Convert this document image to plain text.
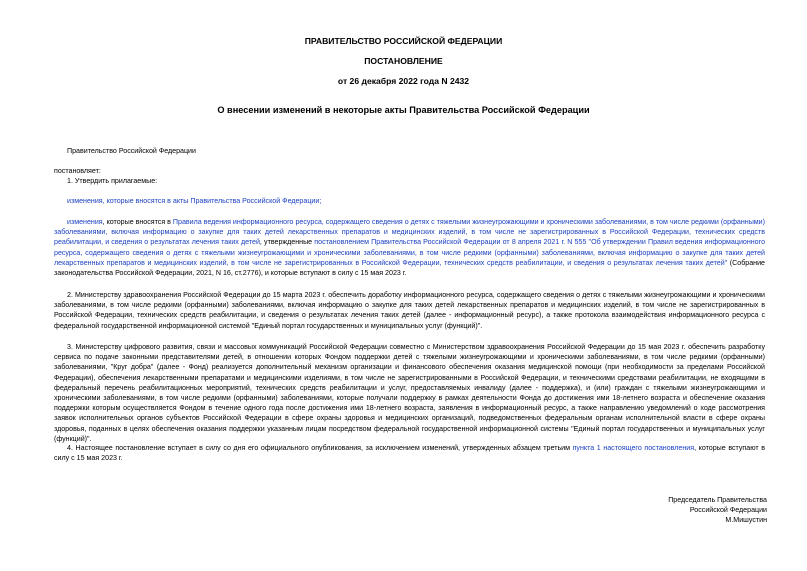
ПРАВИТЕЛЬСТВО РОССИЙСКОЙ ФЕДЕРАЦИИ
ПОСТАНОВЛЕНИЕ
от 26 декабря 2022 года N 2432
О внесении изменений в некоторые акты Правительства Российской Федерации
Правительство Российской Федерации
постановляет:
1. Утвердить прилагаемые:
изменения, которые вносятся в акты Правительства Российской Федерации;
изменения, которые вносятся в Правила ведения информационного ресурса, содержащего сведения о детях с тяжелыми жизнеугрожающими и хроническими заболеваниями, в том числе редкими (орфанными) заболеваниями, включая информацию о закупке для таких детей лекарственных препаратов и медицинских изделий, в том числе не зарегистрированных в Российской Федерации, технических средств реабилитации, и сведения о результатах лечения таких детей, утвержденные постановлением Правительства Российской Федерации от 8 апреля 2021 г. N 555 "Об утверждении Правил ведения информационного ресурса, содержащего сведения о детях с тяжелыми жизнеугрожающими и хроническими заболеваниями, в том числе редкими (орфанными) заболеваниями, включая информацию о закупке для таких детей лекарственных препаратов и медицинских изделий, в том числе не зарегистрированных в Российской Федерации, технических средств реабилитации, и сведения о результатах лечения таких детей" (Собрание законодательства Российской Федерации, 2021, N 16, ст.2776), и которые вступают в силу с 15 мая 2023 г.
2. Министерству здравоохранения Российской Федерации до 15 марта 2023 г. обеспечить доработку информационного ресурса, содержащего сведения о детях с тяжелыми жизнеугрожающими и хроническими заболеваниями, в том числе редкими (орфанными) заболеваниями, включая информацию о закупке для таких детей лекарственных препаратов и медицинских изделий, в том числе не зарегистрированных в Российской Федерации, технических средств реабилитации, и сведения о результатах лечения таких детей (далее - информационный ресурс), а также протокола взаимодействия информационного ресурса с федеральной государственной информационной системой "Единый портал государственных и муниципальных услуг (функций)".
3. Министерству цифрового развития, связи и массовых коммуникаций Российской Федерации совместно с Министерством здравоохранения Российской Федерации до 15 мая 2023 г. обеспечить разработку сервиса по подаче законными представителями детей, в отношении которых Фондом поддержки детей с тяжелыми жизнеугрожающими и хроническими заболеваниями, в том числе редкими (орфанными) заболеваниями, "Круг добра" (далее - Фонд) реализуется дополнительный механизм организации и финансового обеспечения оказания медицинской помощи (при необходимости за пределами Российской Федерации), обеспечения лекарственными препаратами и медицинскими изделиями, в том числе не зарегистрированными в Российской Федерации, и техническими средствами реабилитации, не входящими в федеральный перечень реабилитационных мероприятий, технических средств реабилитации и услуг, предоставляемых инвалиду (далее - поддержка), и (или) граждан с тяжелыми жизнеугрожающими и хроническими заболеваниями, в том числе редкими (орфанными) заболеваниями, которые получали поддержку в рамках деятельности Фонда до достижения ими 18-летнего возраста и обеспечение оказания поддержки которым осуществляется Фондом в течение одного года после достижения ими 18-летнего возраста, заявления в информационный ресурс, а также направлению уведомлений о ходе рассмотрения заявок исполнительных органов субъектов Российской Федерации в сфере охраны здоровья и медицинских организаций, подведомственных федеральным органам исполнительной власти в сфере охраны здоровья, поданных в целях обеспечения оказания поддержки указанным лицам посредством федеральной государственной информационной системы "Единый портал государственных и муниципальных услуг (функций)".
4. Настоящее постановление вступает в силу со дня его официального опубликования, за исключением изменений, утвержденных абзацем третьим пункта 1 настоящего постановления, которые вступают в силу с 15 мая 2023 г.
Председатель Правительства
Российской Федерации
М.Мишустин
